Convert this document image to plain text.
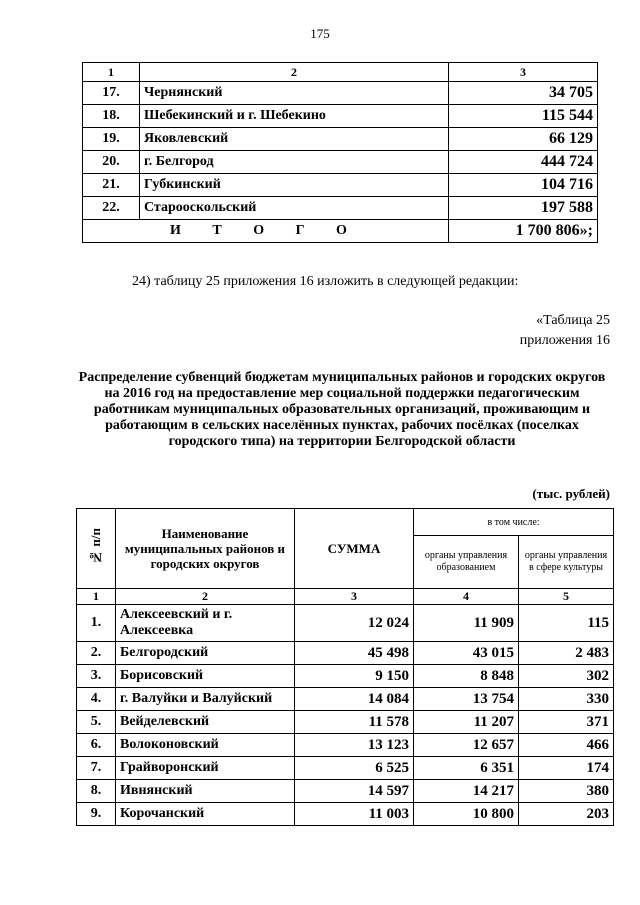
175
1	2	3
17.	Чернянский	34 705
18.	Шебекинский и г. Шебекино	115 544
19.	Яковлевский	66 129
20.	г. Белгород	444 724
21.	Губкинский	104 716
22.	Старооскольский	197 588
И Т О Г О		1 700 806»;
24) таблицу 25 приложения 16 изложить в следующей редакции:
«Таблица 25
приложения 16
Распределение субвенций бюджетам муниципальных районов и городских округов на 2016 год на предоставление мер социальной поддержки педагогическим работникам муниципальных образовательных организаций, проживающим и работающим в сельских населённых пунктах, рабочих посёлках (поселках городского типа) на территории Белгородской области
(тыс. рублей)
№ п/п	Наименование муниципальных районов и городских округов	СУММА	в том числе:	
			органы управления образованием	органы управления в сфере культуры
1	2	3	4	5
1.	Алексеевский и г. Алексеевка	12 024	11 909	115
2.	Белгородский	45 498	43 015	2 483
3.	Борисовский	9 150	8 848	302
4.	г. Валуйки и Валуйский	14 084	13 754	330
5.	Вейделевский	11 578	11 207	371
6.	Волоконовский	13 123	12 657	466
7.	Грайворонский	6 525	6 351	174
8.	Ивнянский	14 597	14 217	380
9.	Корочанский	11 003	10 800	203
